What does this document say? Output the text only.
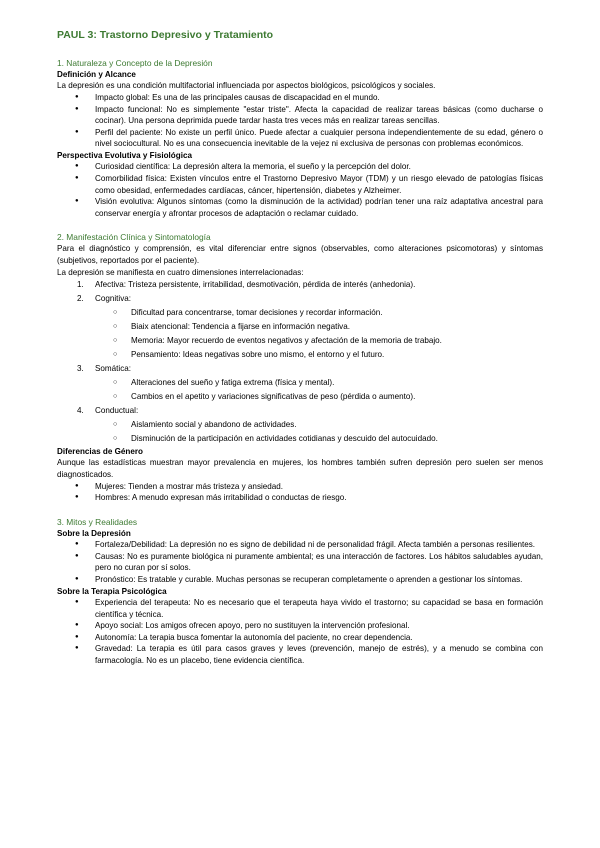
PAUL 3: Trastorno Depresivo y Tratamiento
1. Naturaleza y Concepto de la Depresión
Definición y Alcance
La depresión es una condición multifactorial influenciada por aspectos biológicos, psicológicos y sociales.
● Impacto global: Es una de las principales causas de discapacidad en el mundo.
● Impacto funcional: No es simplemente "estar triste". Afecta la capacidad de realizar tareas básicas (como ducharse o cocinar). Una persona deprimida puede tardar hasta tres veces más en realizar tareas sencillas.
● Perfil del paciente: No existe un perfil único. Puede afectar a cualquier persona independientemente de su edad, género o nivel sociocultural. No es una consecuencia inevitable de la vejez ni exclusiva de personas con problemas económicos.
Perspectiva Evolutiva y Fisiológica
● Curiosidad científica: La depresión altera la memoria, el sueño y la percepción del dolor.
● Comorbilidad física: Existen vínculos entre el Trastorno Depresivo Mayor (TDM) y un riesgo elevado de patologías físicas como obesidad, enfermedades cardíacas, cáncer, hipertensión, diabetes y Alzheimer.
● Visión evolutiva: Algunos síntomas (como la disminución de la actividad) podrían tener una raíz adaptativa ancestral para conservar energía y afrontar procesos de adaptación o reclamar cuidado.
2. Manifestación Clínica y Sintomatología
Para el diagnóstico y comprensión, es vital diferenciar entre signos (observables, como alteraciones psicomotoras) y síntomas (subjetivos, reportados por el paciente).
La depresión se manifiesta en cuatro dimensiones interrelacionadas:
1. Afectiva: Tristeza persistente, irritabilidad, desmotivación, pérdida de interés (anhedonia).
2. Cognitiva:
○ Dificultad para concentrarse, tomar decisiones y recordar información.
○ Biaix atencional: Tendencia a fijarse en información negativa.
○ Memoria: Mayor recuerdo de eventos negativos y afectación de la memoria de trabajo.
○ Pensamiento: Ideas negativas sobre uno mismo, el entorno y el futuro.
3. Somática:
○ Alteraciones del sueño y fatiga extrema (física y mental).
○ Cambios en el apetito y variaciones significativas de peso (pérdida o aumento).
4. Conductual:
○ Aislamiento social y abandono de actividades.
○ Disminución de la participación en actividades cotidianas y descuido del autocuidado.
Diferencias de Género
Aunque las estadísticas muestran mayor prevalencia en mujeres, los hombres también sufren depresión pero suelen ser menos diagnosticados.
● Mujeres: Tienden a mostrar más tristeza y ansiedad.
● Hombres: A menudo expresan más irritabilidad o conductas de riesgo.
3. Mitos y Realidades
Sobre la Depresión
● Fortaleza/Debilidad: La depresión no es signo de debilidad ni de personalidad frágil. Afecta también a personas resilientes.
● Causas: No es puramente biológica ni puramente ambiental; es una interacción de factores. Los hábitos saludables ayudan, pero no curan por sí solos.
● Pronóstico: Es tratable y curable. Muchas personas se recuperan completamente o aprenden a gestionar los síntomas.
Sobre la Terapia Psicológica
● Experiencia del terapeuta: No es necesario que el terapeuta haya vivido el trastorno; su capacidad se basa en formación científica y técnica.
● Apoyo social: Los amigos ofrecen apoyo, pero no sustituyen la intervención profesional.
● Autonomía: La terapia busca fomentar la autonomía del paciente, no crear dependencia.
● Gravedad: La terapia es útil para casos graves y leves (prevención, manejo de estrés), y a menudo se combina con farmacología. No es un placebo, tiene evidencia científica.
